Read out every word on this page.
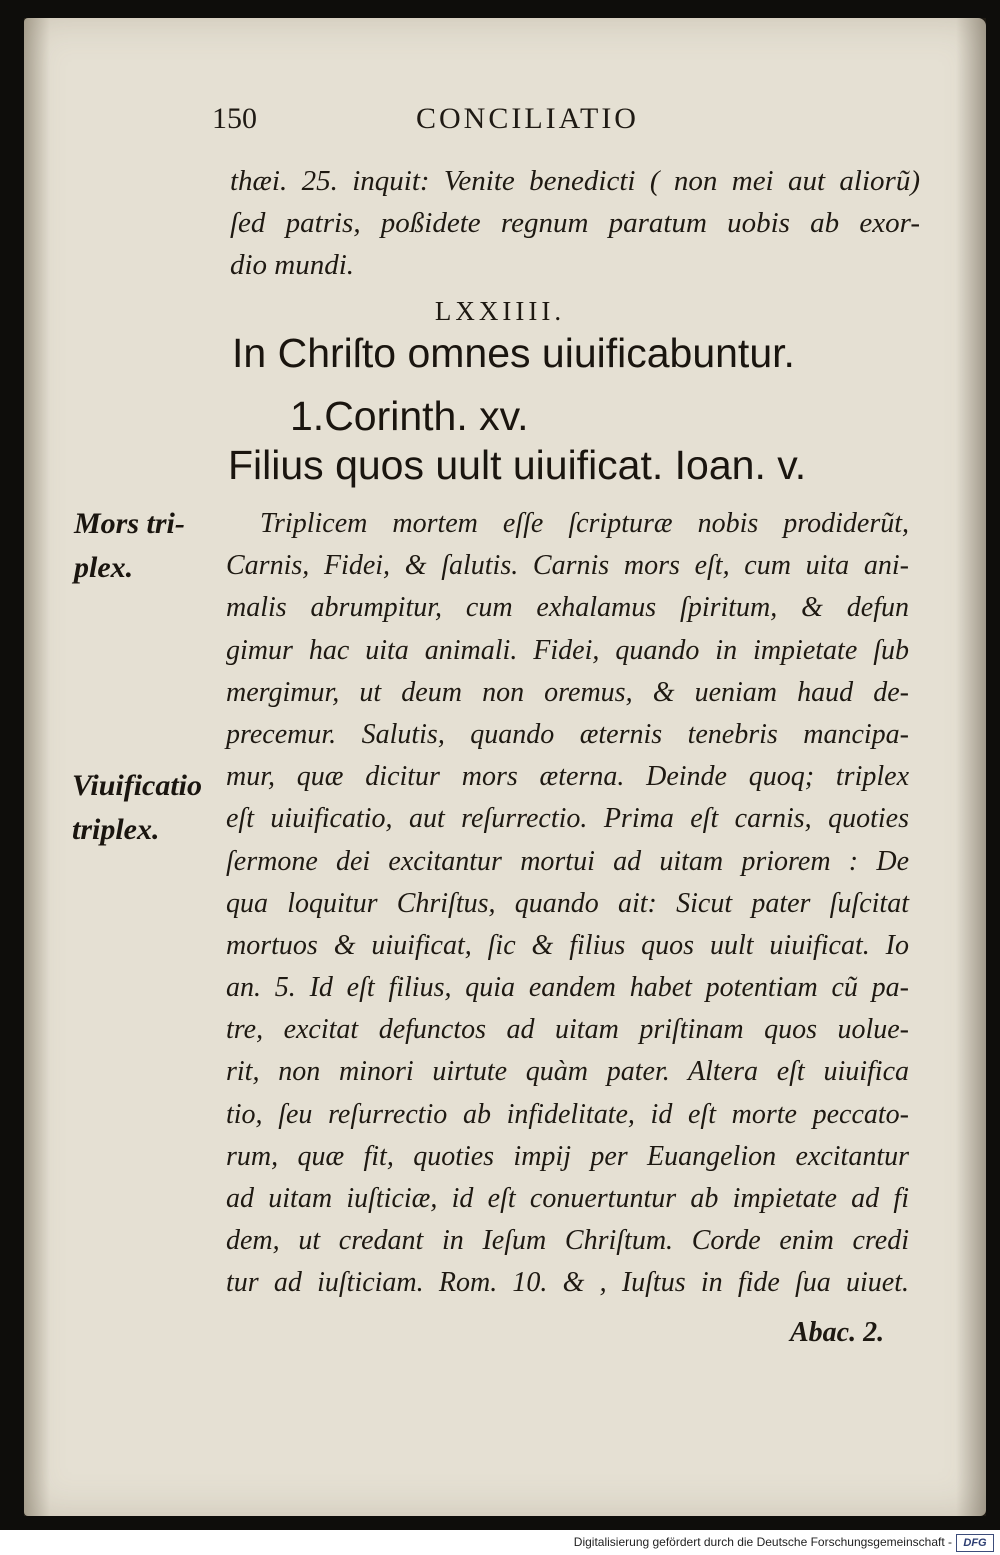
150	CONCILIATIO
thæi. 25. inquit: Venite benedicti ( non mei aut aliorũ)
ſed patris, poßidete regnum paratum uobis ab exor-
dio mundi.
LXXIIII.
In Chriſto omnes uiuificabuntur.
1.Corinth. xv.
Filius quos uult uiuificat. Ioan. v.
Mors tri-
plex.
Viuificatio
triplex.
Triplicem mortem eſſe ſcripturæ nobis prodiderũt,
Carnis, Fidei, & ſalutis. Carnis mors eſt, cum uita ani-
malis abrumpitur, cum exhalamus ſpiritum, & defun
gimur hac uita animali. Fidei, quando in impietate ſub
mergimur, ut deum non oremus, & ueniam haud de-
precemur. Salutis, quando æternis tenebris mancipa-
mur, quæ dicitur mors æterna. Deinde quoq; triplex
eſt uiuificatio, aut reſurrectio. Prima eſt carnis, quoties
ſermone dei excitantur mortui ad uitam priorem : De
qua loquitur Chriſtus, quando ait: Sicut pater ſuſcitat
mortuos & uiuificat, ſic & filius quos uult uiuificat. Io
an. 5. Id eſt filius, quia eandem habet potentiam cũ pa-
tre, excitat defunctos ad uitam priſtinam quos uolue-
rit, non minori uirtute quàm pater. Altera eſt uiuifica
tio, ſeu reſurrectio ab infidelitate, id eſt morte peccato-
rum, quæ fit, quoties impij per Euangelion excitantur
ad uitam iuſticiæ, id eſt conuertuntur ab impietate ad fi
dem, ut credant in Ieſum Chriſtum. Corde enim credi
tur ad iuſticiam. Rom. 10. & , Iuſtus in fide ſua uiuet.
Abac. 2.
Digitalisierung gefördert durch die Deutsche Forschungsgemeinschaft -	DFG
